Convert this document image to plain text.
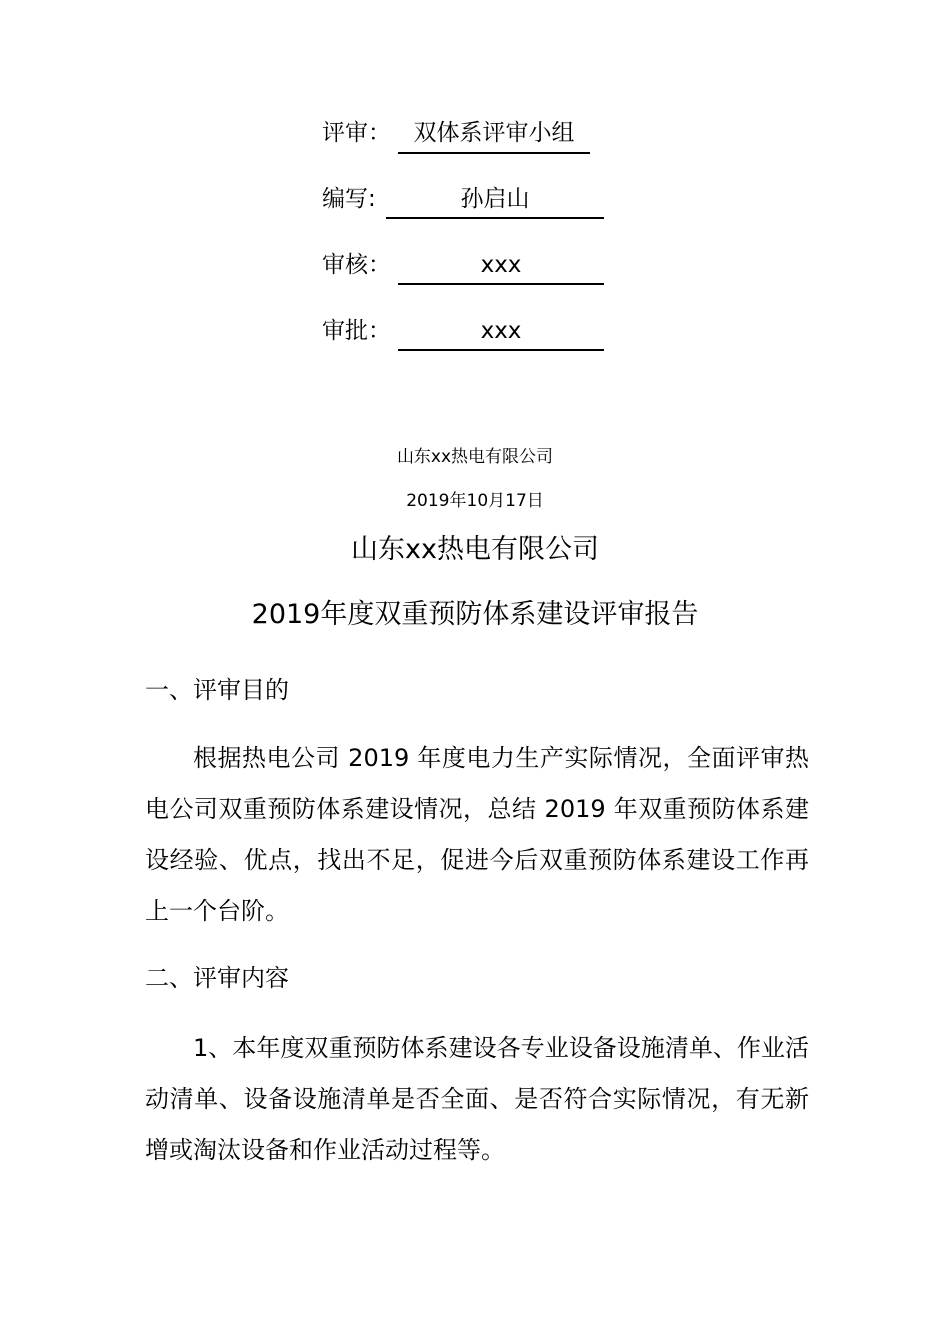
评审： 双体系评审小组
编写:	孙启山
审核：	xxx
审批：	xxx
山东xx热电有限公司
2019年10月17日
山东xx热电有限公司
2019年度双重预防体系建设评审报告
一、评审目的

根据热电公司 2019 年度电力生产实际情况，全面评审热电公司双重预防体系建设情况，总结 2019 年双重预防体系建设经验、优点，找出不足，促进今后双重预防体系建设工作再上一个台阶。

二、评审内容

1、本年度双重预防体系建设各专业设备设施清单、作业活动清单、设备设施清单是否全面、是否符合实际情况，有无新增或淘汰设备和作业活动过程等。
